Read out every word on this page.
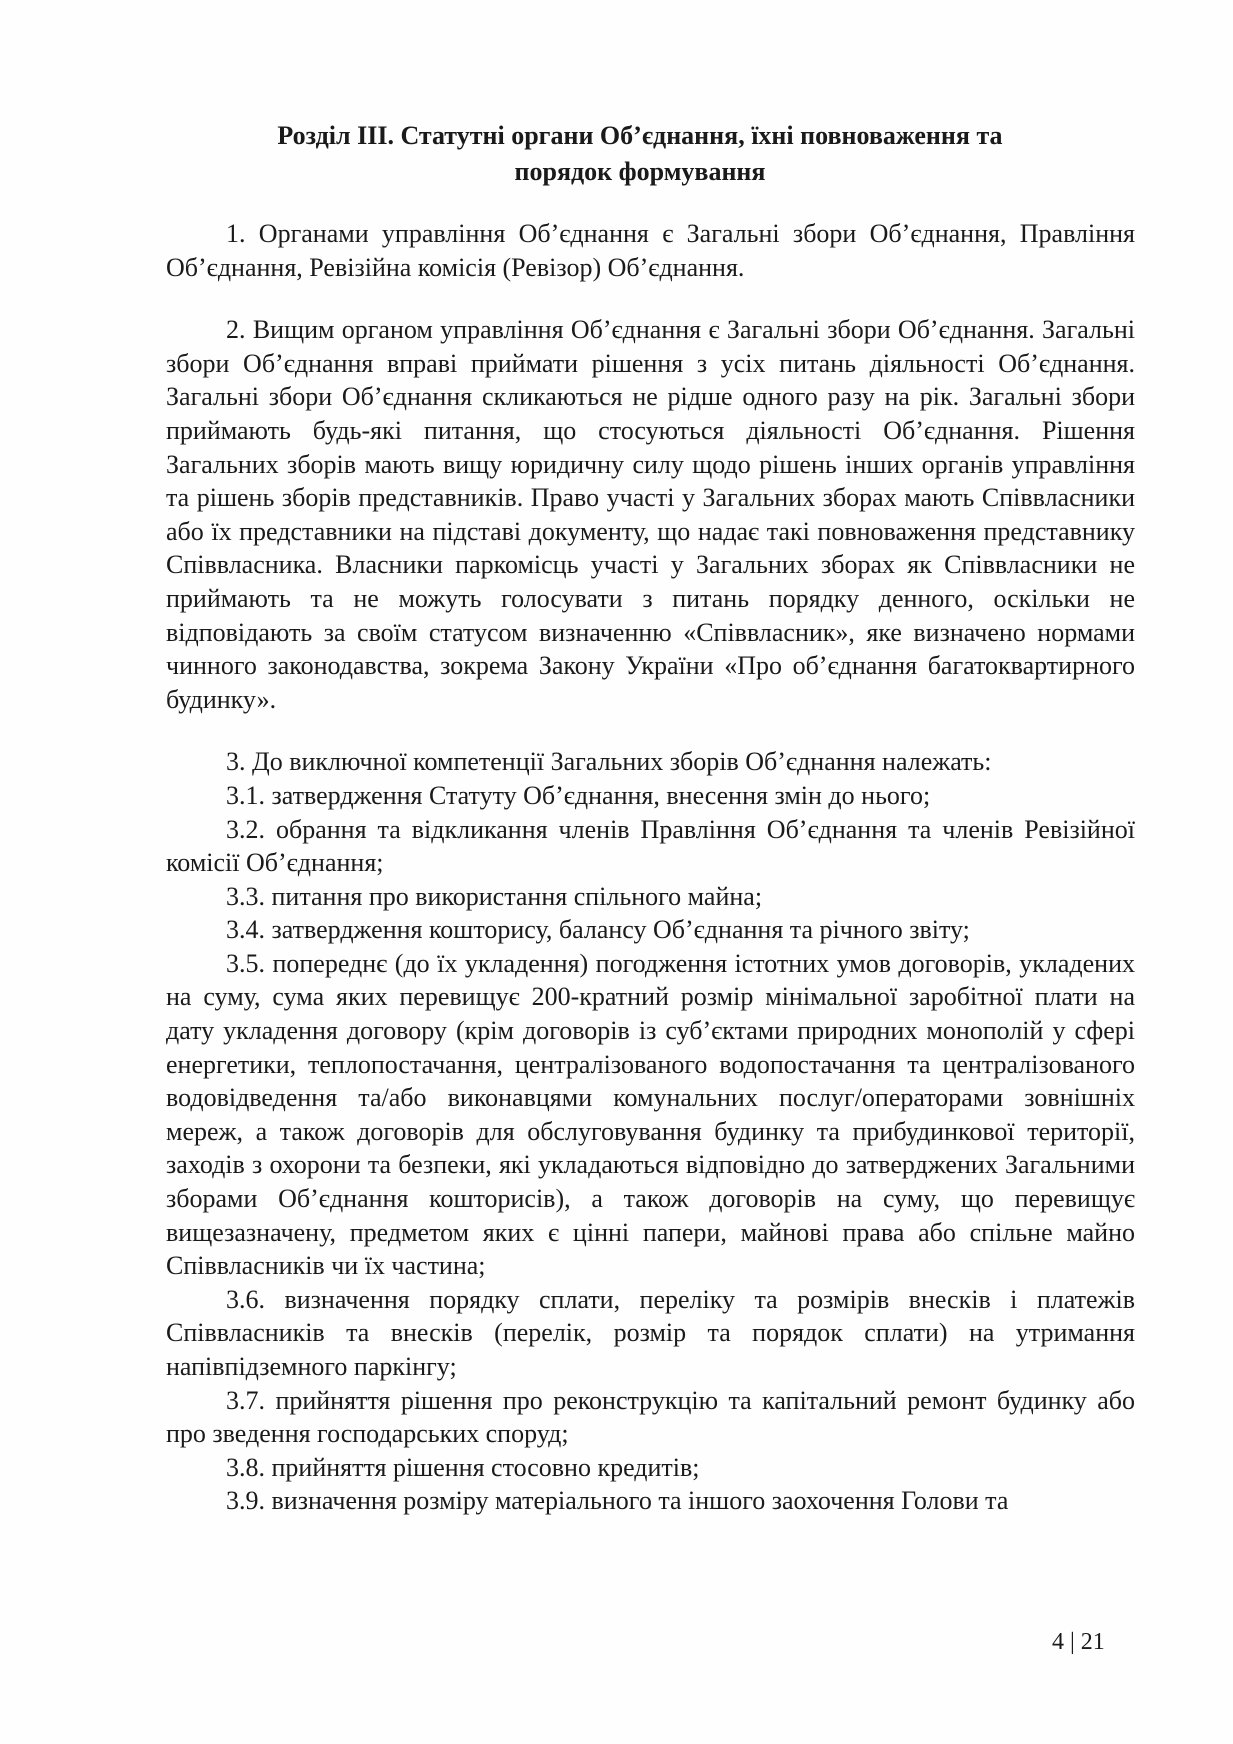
Розділ III. Статутні органи Об’єднання, їхні повноваження та
порядок формування

1. Органами управління Об’єднання є Загальні збори Об’єднання, Правління Об’єднання, Ревізійна комісія (Ревізор) Об’єднання.

2. Вищим органом управління Об’єднання є Загальні збори Об’єднання. Загальні збори Об’єднання вправі приймати рішення з усіх питань діяльності Об’єднання. Загальні збори Об’єднання скликаються не рідше одного разу на рік. Загальні збори приймають будь-які питання, що стосуються діяльності Об’єднання. Рішення Загальних зборів мають вищу юридичну силу щодо рішень інших органів управління та рішень зборів представників. Право участі у Загальних зборах мають Співвласники або їх представники на підставі документу, що надає такі повноваження представнику Співвласника. Власники паркомісць участі у Загальних зборах як Співвласники не приймають та не можуть голосувати з питань порядку денного, оскільки не відповідають за своїм статусом визначенню «Співвласник», яке визначено нормами чинного законодавства, зокрема Закону України «Про об’єднання багатоквартирного будинку».

3. До виключної компетенції Загальних зборів Об’єднання належать:

3.1. затвердження Статуту Об’єднання, внесення змін до нього;

3.2. обрання та відкликання членів Правління Об’єднання та членів Ревізійної комісії Об’єднання;

3.3. питання про використання спільного майна;

3.4. затвердження кошторису, балансу Об’єднання та річного звіту;

3.5. попереднє (до їх укладення) погодження істотних умов договорів, укладених на суму, сума яких перевищує 200-кратний розмір мінімальної заробітної плати на дату укладення договору (крім договорів із суб’єктами природних монополій у сфері енергетики, теплопостачання, централізованого водопостачання та централізованого водовідведення та/або виконавцями комунальних послуг/операторами зовнішніх мереж, а також договорів для обслуговування будинку та прибудинкової території, заходів з охорони та безпеки, які укладаються відповідно до затверджених Загальними зборами Об’єднання кошторисів), а також договорів на суму, що перевищує вищезазначену, предметом яких є цінні папери, майнові права або спільне майно Співвласників чи їх частина;

3.6. визначення порядку сплати, переліку та розмірів внесків і платежів Співвласників та внесків (перелік, розмір та порядок сплати) на утримання напівпідземного паркінгу;

3.7. прийняття рішення про реконструкцію та капітальний ремонт будинку або про зведення господарських споруд;

3.8. прийняття рішення стосовно кредитів;

3.9. визначення розміру матеріального та іншого заохочення Голови та

4 | 21
